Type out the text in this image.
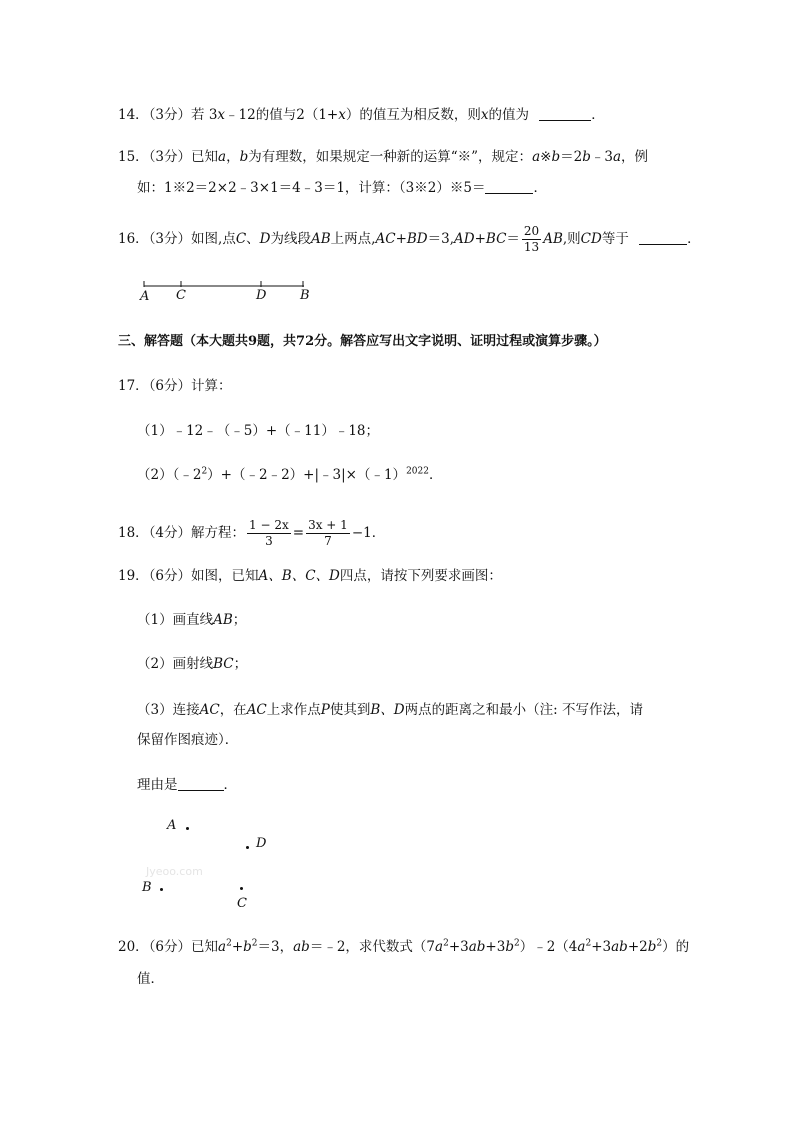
14．（3分）若 3x﹣12的值与2（1+x）的值互为相反数，则x的值为	．
15．（3分）已知a，b为有理数，如果规定一种新的运算“※”，规定：a※b＝2b﹣3a，例
如：1※2＝2×2﹣3×1＝4﹣3＝1，计算：（3※2）※5＝	．
16．（3分）如图,点C、D为线段AB上两点$,AC+BD=3,AD+BC= \frac{20}{13}$ AB,则CD等于	．
A C	D	B
三、解答题（本大题共9题，共72分。解答应写出文字说明、证明过程或演算步骤。）
17．（6分）计算：
（1）﹣12﹣（﹣5）+（﹣11）﹣18；
$(2)(﹣2^2)+(﹣2﹣2)+|﹣3|\times(﹣1)^{2022}$．
18．（4分）解方程： $\frac{1 - 2x}{3} = \frac{3x + 1}{7} -1$．
19．（6分）如图，已知A、B、C、D四点，请按下列要求画图：
（1）画直线AB；
（2）画射线BC；
（3）连接AC，在AC上求作点P使其到B、D两点的距离之和最小（注: 不写作法，请
保留作图痕迹）．
理由是	．
A
D
Jyeoo.com
B
C
20．（6分）已知$a^2+b^2=3$，ab＝﹣2，求代数式$(7a^2+3ab+3b^2)﹣2(4a^2+3ab+2b^2)$的
值．
